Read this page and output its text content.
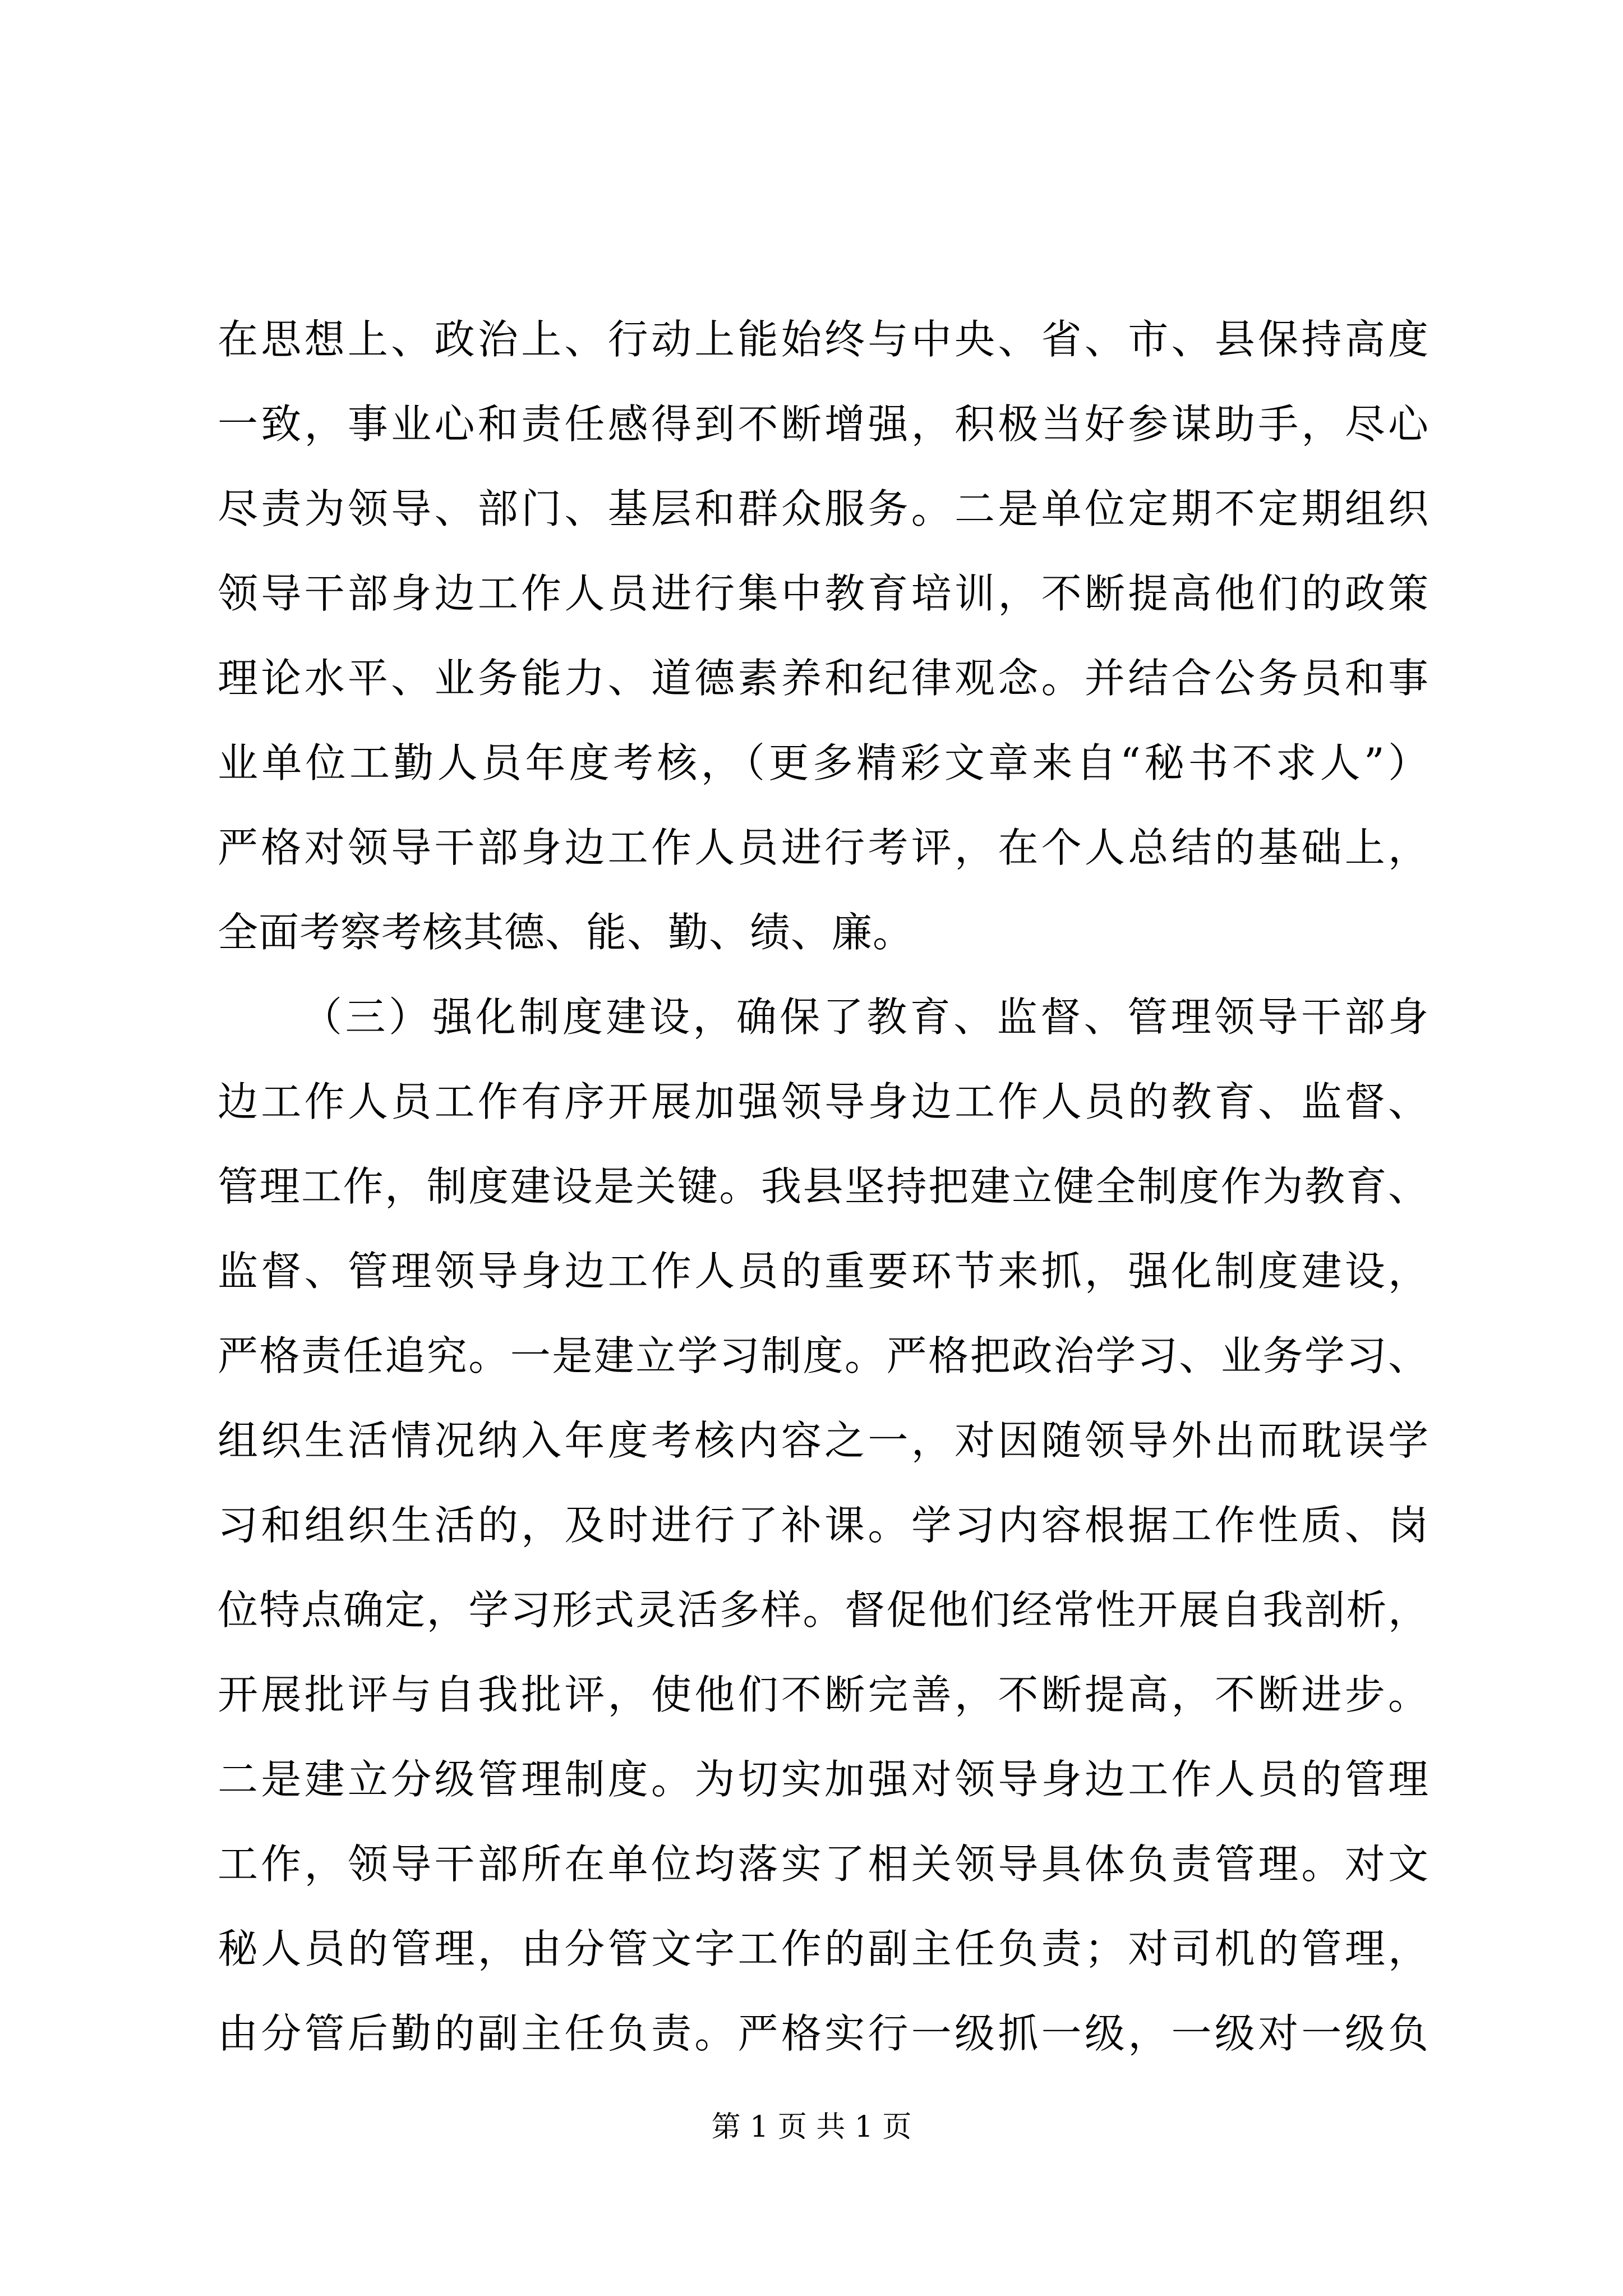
在思想上、政治上、行动上能始终与中央、省、市、县保持高度
一致，事业心和责任感得到不断增强，积极当好参谋助手，尽心
尽责为领导、部门、基层和群众服务。二是单位定期不定期组织
领导干部身边工作人员进行集中教育培训，不断提高他们的政策
理论水平、业务能力、道德素养和纪律观念。并结合公务员和事
业单位工勤人员年度考核，（更多精彩文章来自“秘书不求人”）
严格对领导干部身边工作人员进行考评，在个人总结的基础上，
全面考察考核其德、能、勤、绩、廉。
（三）强化制度建设，确保了教育、监督、管理领导干部身
边工作人员工作有序开展加强领导身边工作人员的教育、监督、
管理工作，制度建设是关键。我县坚持把建立健全制度作为教育、
监督、管理领导身边工作人员的重要环节来抓，强化制度建设，
严格责任追究。一是建立学习制度。严格把政治学习、业务学习、
组织生活情况纳入年度考核内容之一，对因随领导外出而耽误学
习和组织生活的，及时进行了补课。学习内容根据工作性质、岗
位特点确定，学习形式灵活多样。督促他们经常性开展自我剖析，
开展批评与自我批评，使他们不断完善，不断提高，不断进步。
二是建立分级管理制度。为切实加强对领导身边工作人员的管理
工作，领导干部所在单位均落实了相关领导具体负责管理。对文
秘人员的管理，由分管文字工作的副主任负责；对司机的管理，
由分管后勤的副主任负责。严格实行一级抓一级，一级对一级负
第 1 页 共 1 页
